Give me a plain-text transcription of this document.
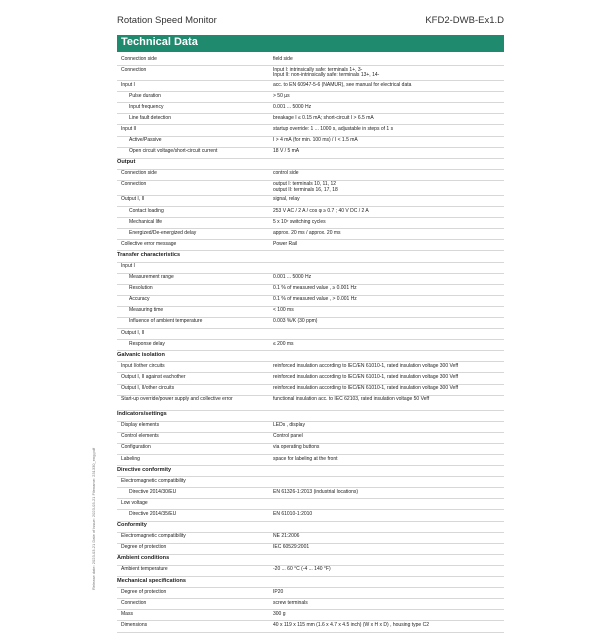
Rotation Speed Monitor	KFD2-DWB-Ex1.D
Technical Data
Connection side	field side
Connection	Input I: intrinsically safe: terminals 1+, 3-
Input II: non-intrinsically safe: terminals 13+, 14-
Input I	acc. to EN 60947-5-6 (NAMUR), see manual for electrical data
Pulse duration	> 50 µs
Input frequency	0.001 ... 5000 Hz
Line fault detection	breakage I ≤ 0.15 mA; short-circuit I > 6.5 mA
Input II	startup override: 1 ... 1000 s, adjustable in steps of 1 s
Active/Passive	I > 4 mA (for min. 100 ms) / I < 1.5 mA
Open circuit voltage/short-circuit current	18 V / 5 mA
Output
Connection side	control side
Connection	output I: terminals 10, 11, 12
output II: terminals 16, 17, 18
Output I, II	signal, relay
Contact loading	253 V AC / 2 A / cos φ ≥ 0.7 ; 40 V DC / 2 A
Mechanical life	5 x 10⁷ switching cycles
Energized/De-energized delay	approx. 20 ms / approx. 20 ms
Collective error message	Power Rail
Transfer characteristics
Input I
Measurement range	0.001 ... 5000 Hz
Resolution	0.1 % of measured value , ≥ 0.001 Hz
Accuracy	0.1 % of measured value , > 0.001 Hz
Measuring time	< 100 ms
Influence of ambient temperature	0.003 %/K (30 ppm)
Output I, II
Response delay	≤ 200 ms
Galvanic isolation
Input I/other circuits	reinforced insulation according to IEC/EN 61010-1, rated insulation voltage 300 Veff
Output I, II against eachother	reinforced insulation according to IEC/EN 61010-1, rated insulation voltage 300 Veff
Output I, II/other circuits	reinforced insulation according to IEC/EN 61010-1, rated insulation voltage 300 Veff
Start-up override/power supply and collective error	functional insulation acc. to IEC 62103, rated insulation voltage 50 Veff
Indicators/settings
Display elements	LEDs , display
Control elements	Control panel
Configuration	via operating buttons
Labeling	space for labeling at the front
Directive conformity
Electromagnetic compatibility
Directive 2014/30/EU	EN 61326-1:2013 (industrial locations)
Low voltage
Directive 2014/35/EU	EN 61010-1:2010
Conformity
Electromagnetic compatibility	NE 21:2006
Degree of protection	IEC 60529:2001
Ambient conditions
Ambient temperature	-20 ... 60 °C (-4 ... 140 °F)
Mechanical specifications
Degree of protection	IP20
Connection	screw terminals
Mass	300 g
Dimensions	40 x 119 x 115 mm (1.6 x 4.7 x 4.5 inch) (W x H x D) , housing type C2
Release date: 2023-03-21 Date of issue: 2023-03-21 Filename: 231330_eng.pdf
